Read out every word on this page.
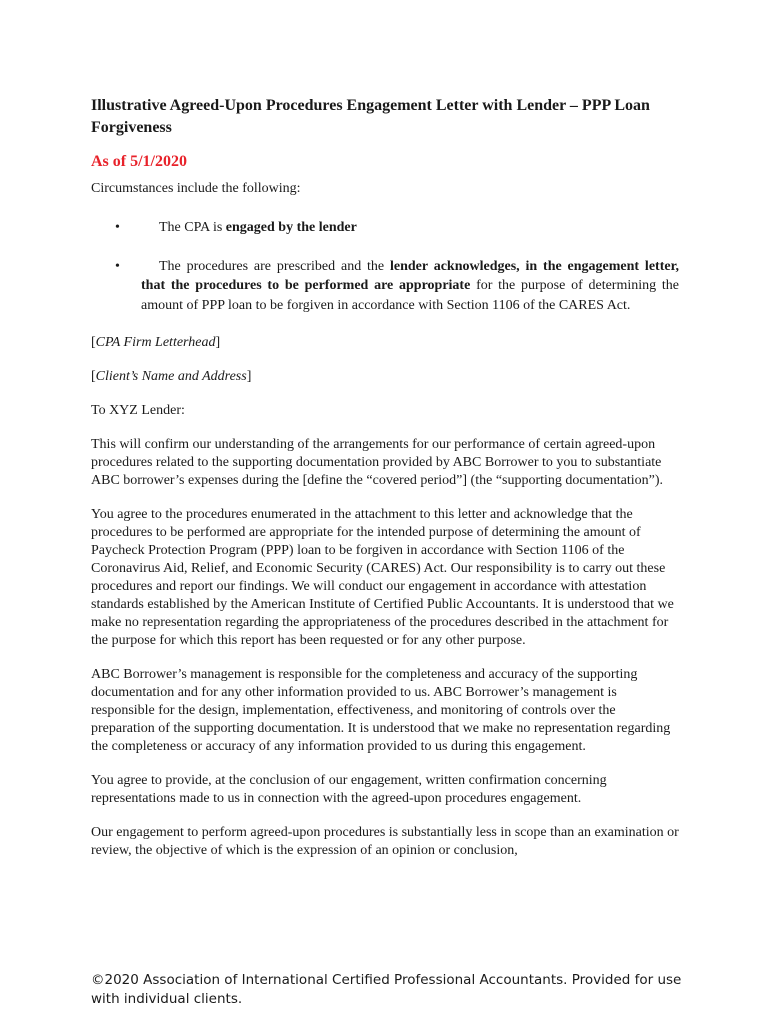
Illustrative Agreed-Upon Procedures Engagement Letter with Lender – PPP Loan Forgiveness
As of 5/1/2020

Circumstances include the following:

•	The CPA is engaged by the lender
•	The procedures are prescribed and the lender acknowledges, in the engagement letter, that the procedures to be performed are appropriate for the purpose of determining the amount of PPP loan to be forgiven in accordance with Section 1106 of the CARES Act.

[CPA Firm Letterhead]

[Client’s Name and Address]

To XYZ Lender:

This will confirm our understanding of the arrangements for our performance of certain agreed-upon procedures related to the supporting documentation provided by ABC Borrower to you to substantiate ABC borrower’s expenses during the [define the “covered period”] (the “supporting documentation”).

You agree to the procedures enumerated in the attachment to this letter and acknowledge that the procedures to be performed are appropriate for the intended purpose of determining the amount of Paycheck Protection Program (PPP) loan to be forgiven in accordance with Section 1106 of the Coronavirus Aid, Relief, and Economic Security (CARES) Act. Our responsibility is to carry out these procedures and report our findings. We will conduct our engagement in accordance with attestation standards established by the American Institute of Certified Public Accountants. It is understood that we make no representation regarding the appropriateness of the procedures described in the attachment for the purpose for which this report has been requested or for any other purpose.

ABC Borrower’s management is responsible for the completeness and accuracy of the supporting documentation and for any other information provided to us. ABC Borrower’s management is responsible for the design, implementation, effectiveness, and monitoring of controls over the preparation of the supporting documentation. It is understood that we make no representation regarding the completeness or accuracy of any information provided to us during this engagement.

You agree to provide, at the conclusion of our engagement, written confirmation concerning representations made to us in connection with the agreed-upon procedures engagement.

Our engagement to perform agreed-upon procedures is substantially less in scope than an examination or review, the objective of which is the expression of an opinion or conclusion,

©2020 Association of International Certified Professional Accountants. Provided for use with individual clients.
